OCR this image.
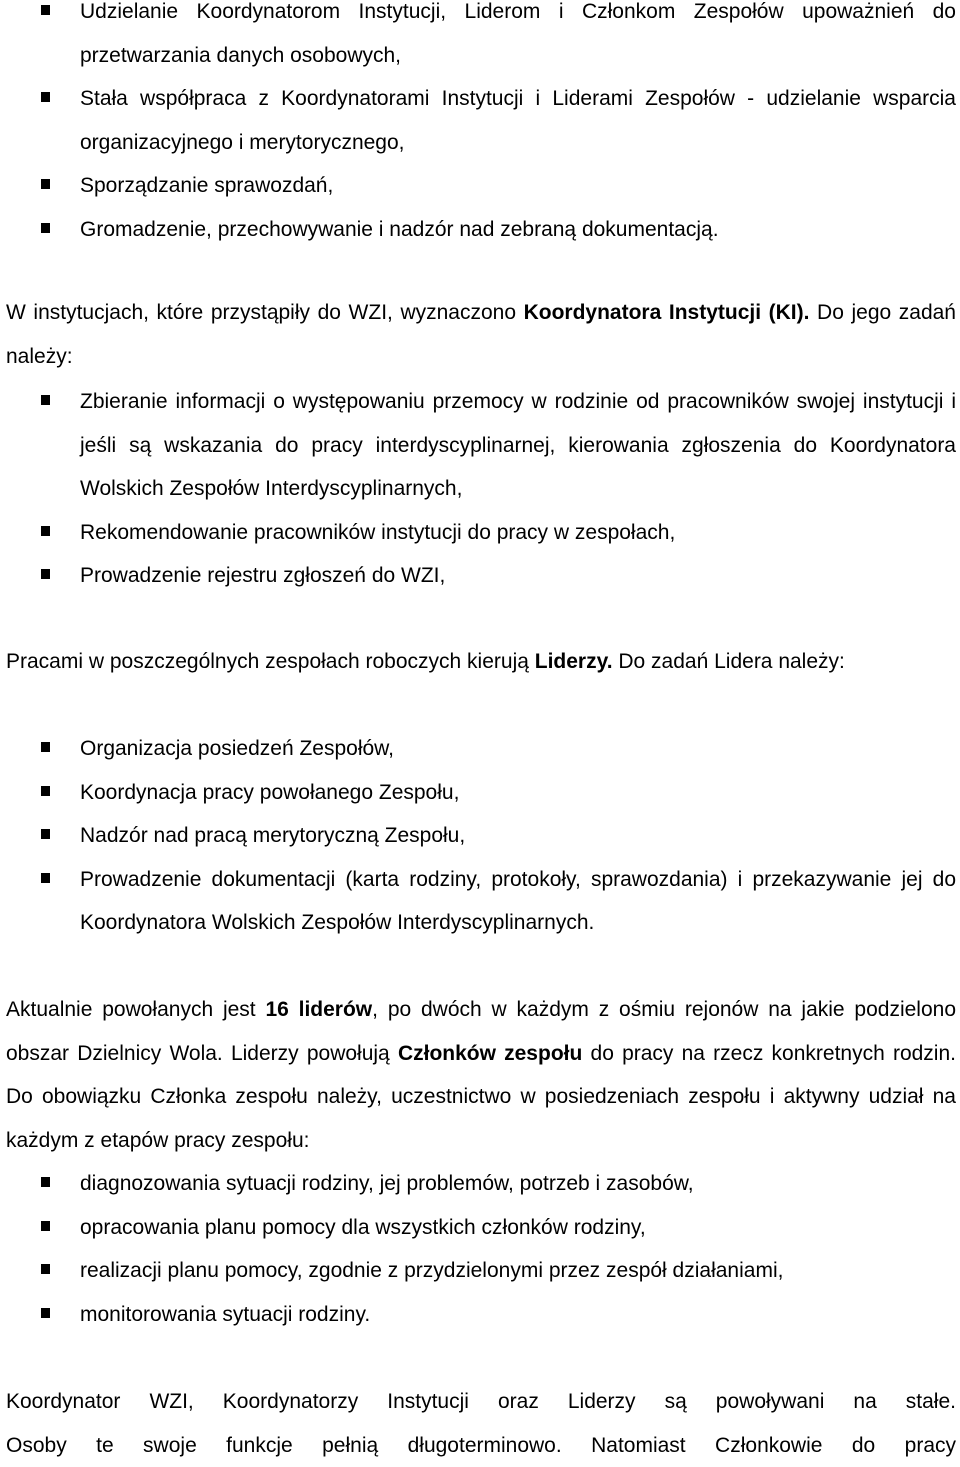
Udzielanie Koordynatorom Instytucji, Liderom i Członkom Zespołów upoważnień do przetwarzania danych osobowych,
Stała współpraca z Koordynatorami Instytucji i Liderami Zespołów - udzielanie wsparcia organizacyjnego i merytorycznego,
Sporządzanie sprawozdań,
Gromadzenie, przechowywanie i nadzór nad zebraną dokumentacją.

W instytucjach, które przystąpiły do WZI, wyznaczono Koordynatora Instytucji (KI). Do jego zadań należy:

Zbieranie informacji o występowaniu przemocy w rodzinie od pracowników swojej instytucji i jeśli są wskazania do pracy interdyscyplinarnej, kierowania zgłoszenia do Koordynatora Wolskich Zespołów Interdyscyplinarnych,
Rekomendowanie pracowników instytucji do pracy w zespołach,
Prowadzenie rejestru zgłoszeń do WZI,

Pracami w poszczególnych zespołach roboczych kierują Liderzy. Do zadań Lidera należy:

Organizacja posiedzeń Zespołów,
Koordynacja pracy powołanego Zespołu,
Nadzór nad pracą merytoryczną Zespołu,
Prowadzenie dokumentacji (karta rodziny, protokoły, sprawozdania) i przekazywanie jej do Koordynatora Wolskich Zespołów Interdyscyplinarnych.

Aktualnie powołanych jest 16 liderów, po dwóch w każdym z ośmiu rejonów na jakie podzielono obszar Dzielnicy Wola. Liderzy powołują Członków zespołu do pracy na rzecz konkretnych rodzin. Do obowiązku Członka zespołu należy, uczestnictwo w posiedzeniach zespołu i aktywny udział na każdym z etapów pracy zespołu:

diagnozowania sytuacji rodziny, jej problemów, potrzeb i zasobów,
opracowania planu pomocy dla wszystkich członków rodziny,
realizacji planu pomocy, zgodnie z przydzielonymi przez zespół działaniami,
monitorowania sytuacji rodziny.

Koordynator WZI, Koordynatorzy Instytucji oraz Liderzy są powoływani na stałe.

Osoby te swoje funkcje pełnią długoterminowo. Natomiast Członkowie do pracy
